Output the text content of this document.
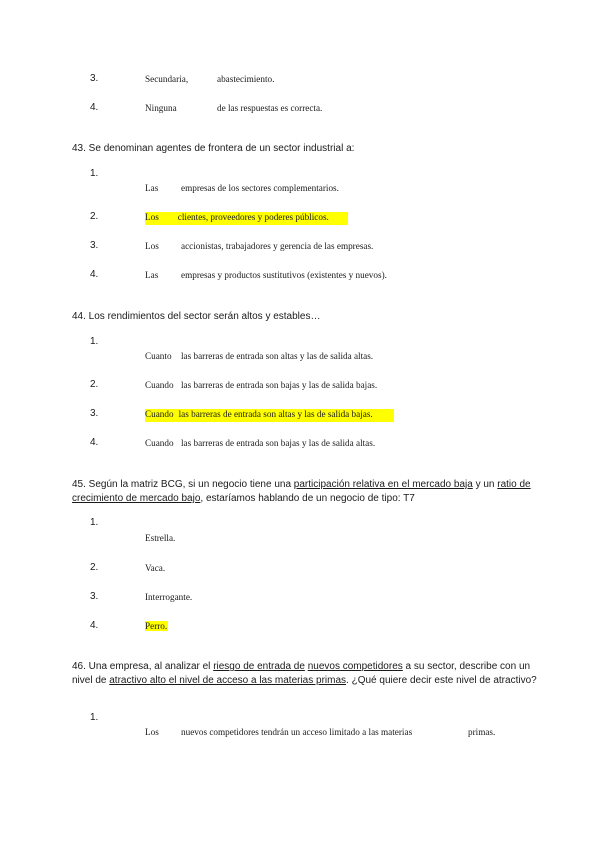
3.	Secundaria,	abastecimiento.
4.	Ninguna	de las respuestas es correcta.
43. Se denominan agentes de frontera de un sector industrial a:
1.
Las empresas de los sectores complementarios.
2.	Los clientes, proveedores y poderes públicos.
3.	Los accionistas, trabajadores y gerencia de las empresas.
4.	Las empresas y productos sustitutivos (existentes y nuevos).
44. Los rendimientos del sector serán altos y estables…
1.
Cuanto las barreras de entrada son altas y las de salida altas.
2.	Cuando las barreras de entrada son bajas y las de salida bajas.
3.	Cuando las barreras de entrada son altas y las de salida bajas.
4.	Cuando las barreras de entrada son bajas y las de salida altas.
45. Según la matriz BCG, si un negocio tiene una participación relativa en el mercado baja y un ratio de crecimiento de mercado bajo, estaríamos hablando de un negocio de tipo: T7
1.
Estrella.
2.	Vaca.
3.	Interrogante.
4.	Perro.
46. Una empresa, al analizar el riesgo de entrada de nuevos competidores a su sector, describe con un nivel de atractivo alto el nivel de acceso a las materias primas. ¿Qué quiere decir este nivel de atractivo?
1.
Los nuevos competidores tendrán un acceso limitado a las materias	primas.
